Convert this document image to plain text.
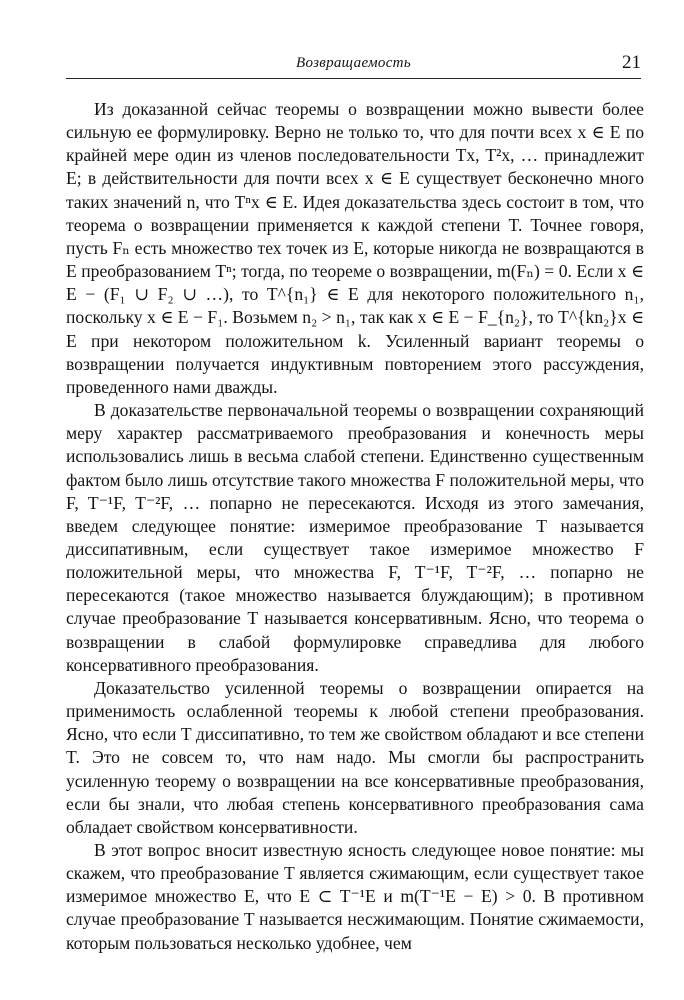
Возвращаемость	21

Из доказанной сейчас теоремы о возвращении можно вывести более сильную ее формулировку. Верно не только то, что для почти всех x ∈ E по крайней мере один из членов последовательности Tx, T²x, … принадлежит E; в действительности для почти всех x ∈ E существует бесконечно много таких значений n, что Tⁿx ∈ E. Идея доказательства здесь состоит в том, что теорема о возвращении применяется к каждой степени T. Точнее говоря, пусть Fₙ есть множество тех точек из E, которые никогда не возвращаются в E преобразованием Tⁿ; тогда, по теореме о возвращении, m(Fₙ) = 0. Если x ∈ E − (F₁ ∪ F₂ ∪ …), то T^{n₁} ∈ E для некоторого положительного n₁, поскольку x ∈ E − F₁. Возьмем n₂ > n₁, так как x ∈ E − F_{n₂}, то T^{kn₂}x ∈ E при некотором положительном k. Усиленный вариант теоремы о возвращении получается индуктивным повторением этого рассуждения, проведенного нами дважды.

В доказательстве первоначальной теоремы о возвращении сохраняющий меру характер рассматриваемого преобразования и конечность меры использовались лишь в весьма слабой степени. Единственно существенным фактом было лишь отсутствие такого множества F положительной меры, что F, T⁻¹F, T⁻²F, … попарно не пересекаются. Исходя из этого замечания, введем следующее понятие: измеримое преобразование T называется диссипативным, если существует такое измеримое множество F положительной меры, что множества F, T⁻¹F, T⁻²F, … попарно не пересекаются (такое множество называется блуждающим); в противном случае преобразование T называется консервативным. Ясно, что теорема о возвращении в слабой формулировке справедлива для любого консервативного преобразования.

Доказательство усиленной теоремы о возвращении опирается на применимость ослабленной теоремы к любой степени преобразования. Ясно, что если T диссипативно, то тем же свойством обладают и все степени T. Это не совсем то, что нам надо. Мы смогли бы распространить усиленную теорему о возвращении на все консервативные преобразования, если бы знали, что любая степень консервативного преобразования сама обладает свойством консервативности.

В этот вопрос вносит известную ясность следующее новое понятие: мы скажем, что преобразование T является сжимающим, если существует такое измеримое множество E, что E ⊂ T⁻¹E и m(T⁻¹E − E) > 0. В противном случае преобразование T называется несжимающим. Понятие сжимаемости, которым пользоваться несколько удобнее, чем
